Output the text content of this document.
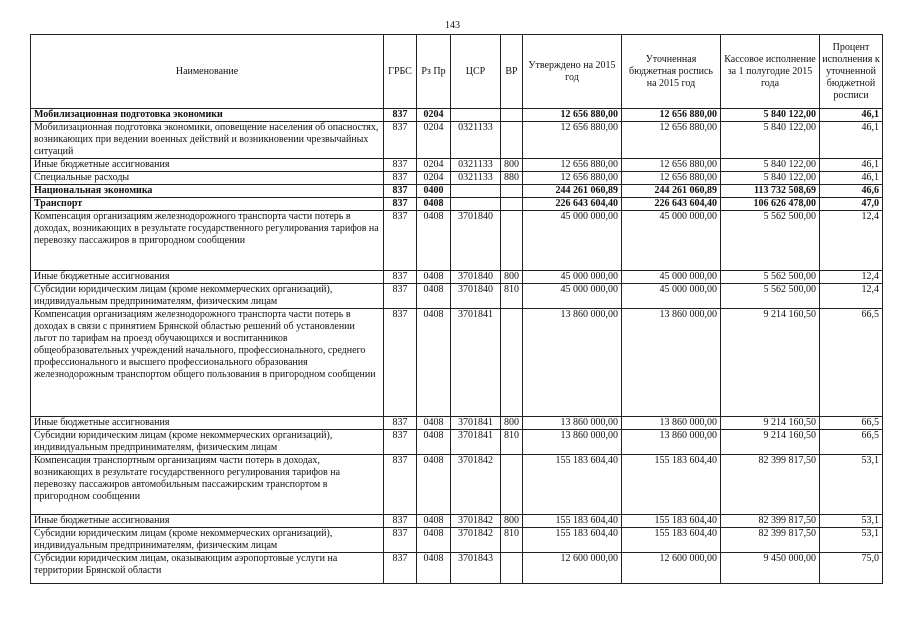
143
Наименование	ГРБС	Рз Пр	ЦСР	ВР	Утверждено на 2015 год	Уточненная бюджетная роспись на 2015 год	Кассовое исполнение за 1 полугодие 2015 года	Процент исполнения к уточненной бюджетной росписи
Мобилизационная подготовка экономики	837	0204			12 656 880,00	12 656 880,00	5 840 122,00	46,1
Мобилизационная подготовка экономики, оповещение населения об опасностях, возникающих при ведении военных действий и возникновении чрезвычайных ситуаций	837	0204	0321133		12 656 880,00	12 656 880,00	5 840 122,00	46,1
Иные бюджетные ассигнования	837	0204	0321133	800	12 656 880,00	12 656 880,00	5 840 122,00	46,1
Специальные расходы	837	0204	0321133	880	12 656 880,00	12 656 880,00	5 840 122,00	46,1
Национальная экономика	837	0400			244 261 060,89	244 261 060,89	113 732 508,69	46,6
Транспорт	837	0408			226 643 604,40	226 643 604,40	106 626 478,00	47,0
Компенсация организациям железнодорожного транспорта части потерь в доходах, возникающих в результате государственного регулирования тарифов на перевозку пассажиров в пригородном сообщении	837	0408	3701840		45 000 000,00	45 000 000,00	5 562 500,00	12,4
Иные бюджетные ассигнования	837	0408	3701840	800	45 000 000,00	45 000 000,00	5 562 500,00	12,4
Субсидии юридическим лицам (кроме некоммерческих организаций), индивидуальным предпринимателям, физическим лицам	837	0408	3701840	810	45 000 000,00	45 000 000,00	5 562 500,00	12,4
Компенсация организациям железнодорожного транспорта части потерь в доходах в связи с принятием Брянской областью решений об установлении льгот по тарифам на проезд обучающихся и воспитанников общеобразовательных учреждений начального, профессионального, среднего профессионального и высшего профессионального образования железнодорожным транспортом общего пользования в пригородном сообщении	837	0408	3701841		13 860 000,00	13 860 000,00	9 214 160,50	66,5
Иные бюджетные ассигнования	837	0408	3701841	800	13 860 000,00	13 860 000,00	9 214 160,50	66,5
Субсидии юридическим лицам (кроме некоммерческих организаций), индивидуальным предпринимателям, физическим лицам	837	0408	3701841	810	13 860 000,00	13 860 000,00	9 214 160,50	66,5
Компенсация транспортным организациям части потерь в доходах, возникающих в результате государственного регулирования тарифов на перевозку пассажиров автомобильным пассажирским транспортом в пригородном сообщении	837	0408	3701842		155 183 604,40	155 183 604,40	82 399 817,50	53,1
Иные бюджетные ассигнования	837	0408	3701842	800	155 183 604,40	155 183 604,40	82 399 817,50	53,1
Субсидии юридическим лицам (кроме некоммерческих организаций), индивидуальным предпринимателям, физическим лицам	837	0408	3701842	810	155 183 604,40	155 183 604,40	82 399 817,50	53,1
Субсидии юридическим лицам, оказывающим аэропортовые услуги на территории Брянской области	837	0408	3701843		12 600 000,00	12 600 000,00	9 450 000,00	75,0
